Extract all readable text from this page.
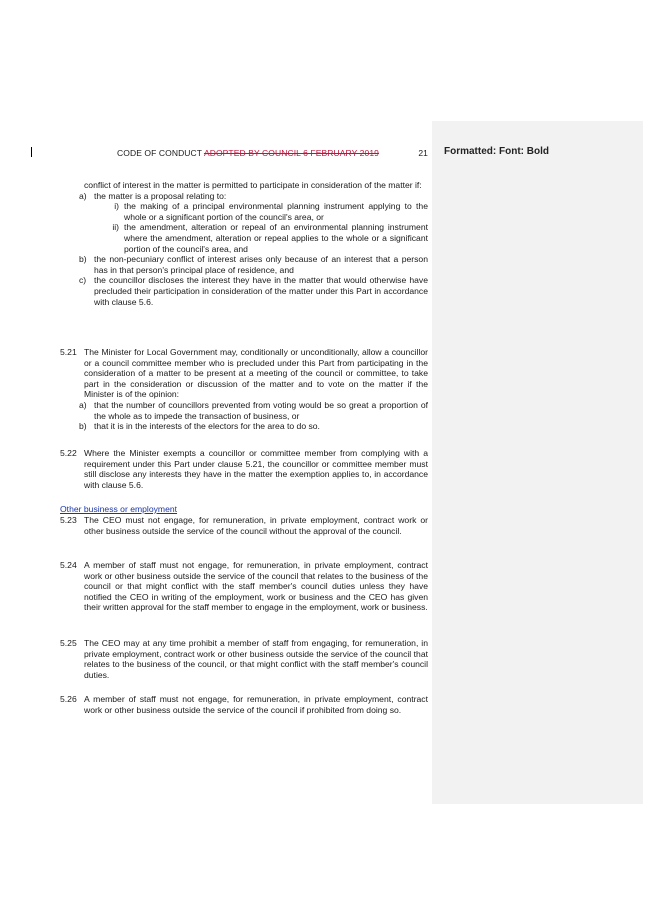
Formatted: Font: Bold
CODE OF CONDUCT ADOPTED BY COUNCIL 6 FEBRUARY 2019	21

conflict of interest in the matter is permitted to participate in consideration of the matter if:

a) the matter is a proposal relating to:

i) the making of a principal environmental planning instrument applying to the whole or a significant portion of the council's area, or

ii) the amendment, alteration or repeal of an environmental planning instrument where the amendment, alteration or repeal applies to the whole or a significant portion of the council's area, and

b) the non-pecuniary conflict of interest arises only because of an interest that a person has in that person's principal place of residence, and

c) the councillor discloses the interest they have in the matter that would otherwise have precluded their participation in consideration of the matter under this Part in accordance with clause 5.6.

5.21 The Minister for Local Government may, conditionally or unconditionally, allow a councillor or a council committee member who is precluded under this Part from participating in the consideration of a matter to be present at a meeting of the council or committee, to take part in the consideration or discussion of the matter and to vote on the matter if the Minister is of the opinion:

a) that the number of councillors prevented from voting would be so great a proportion of the whole as to impede the transaction of business, or

b) that it is in the interests of the electors for the area to do so.

5.22 Where the Minister exempts a councillor or committee member from complying with a requirement under this Part under clause 5.21, the councillor or committee member must still disclose any interests they have in the matter the exemption applies to, in accordance with clause 5.6.

Other business or employment
5.23 The CEO must not engage, for remuneration, in private employment, contract work or other business outside the service of the council without the approval of the council.

5.24 A member of staff must not engage, for remuneration, in private employment, contract work or other business outside the service of the council that relates to the business of the council or that might conflict with the staff member's council duties unless they have notified the CEO in writing of the employment, work or business and the CEO has given their written approval for the staff member to engage in the employment, work or business.

5.25 The CEO may at any time prohibit a member of staff from engaging, for remuneration, in private employment, contract work or other business outside the service of the council that relates to the business of the council, or that might conflict with the staff member's council duties.

5.26 A member of staff must not engage, for remuneration, in private employment, contract work or other business outside the service of the council if prohibited from doing so.
